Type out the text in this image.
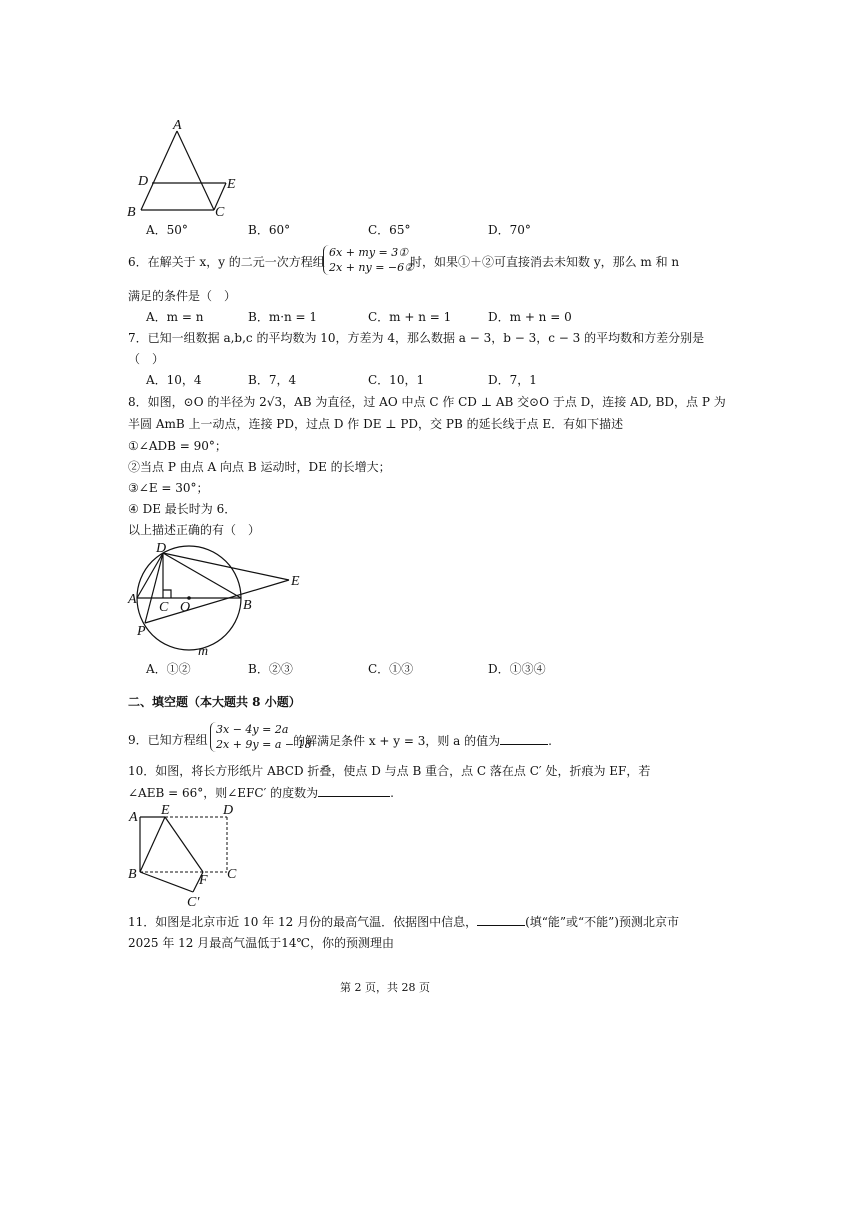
A
D	E
B	C
A．50°	B．60°	C．65°	D．70°
6．在解关于 x，y 的二元一次方程组
6x + my = 3①
2x + ny = −6②
时，如果①＋②可直接消去未知数 y，那么 m 和 n
满足的条件是（　）
A．m = n	B．m·n = 1	C．m + n = 1	D．m + n = 0
7．已知一组数据 a,b,c 的平均数为 10，方差为 4，那么数据 a − 3，b − 3，c − 3 的平均数和方差分别是
（　）
A．10，4	B．7，4	C．10，1	D．7，1
8．如图，⊙O 的半径为 2√3，AB 为直径，过 AO 中点 C 作 CD ⊥ AB 交⊙O 于点 D，连接 AD, BD，点 P 为
半圆 AmB 上一动点，连接 PD，过点 D 作 DE ⊥ PD，交 PB 的延长线于点 E．有如下描述
①∠ADB = 90°；
②当点 P 由点 A 向点 B 运动时，DE 的长增大；
③∠E = 30°；
④ DE 最长时为 6．
以上描述正确的有（　）
D
E
A
C O	B
P
m
A．①②	B．②③	C．①③	D．①③④
二、填空题（本大题共 8 小题）
9．已知方程组
3x − 4y = 2a
2x + 9y = a − 18
的解满足条件 x + y = 3，则 a 的值为	.
10．如图，将长方形纸片 ABCD 折叠，使点 D 与点 B 重合，点 C 落在点 C′ 处，折痕为 EF，若
∠AEB = 66°，则∠EFC′ 的度数为	.
A E	D
B	F C
C′
11．如图是北京市近 10 年 12 月份的最高气温．依据图中信息，	(填“能”或“不能”)预测北京市
2025 年 12 月最高气温低于14℃，你的预测理由
第 2 页，共 28 页
